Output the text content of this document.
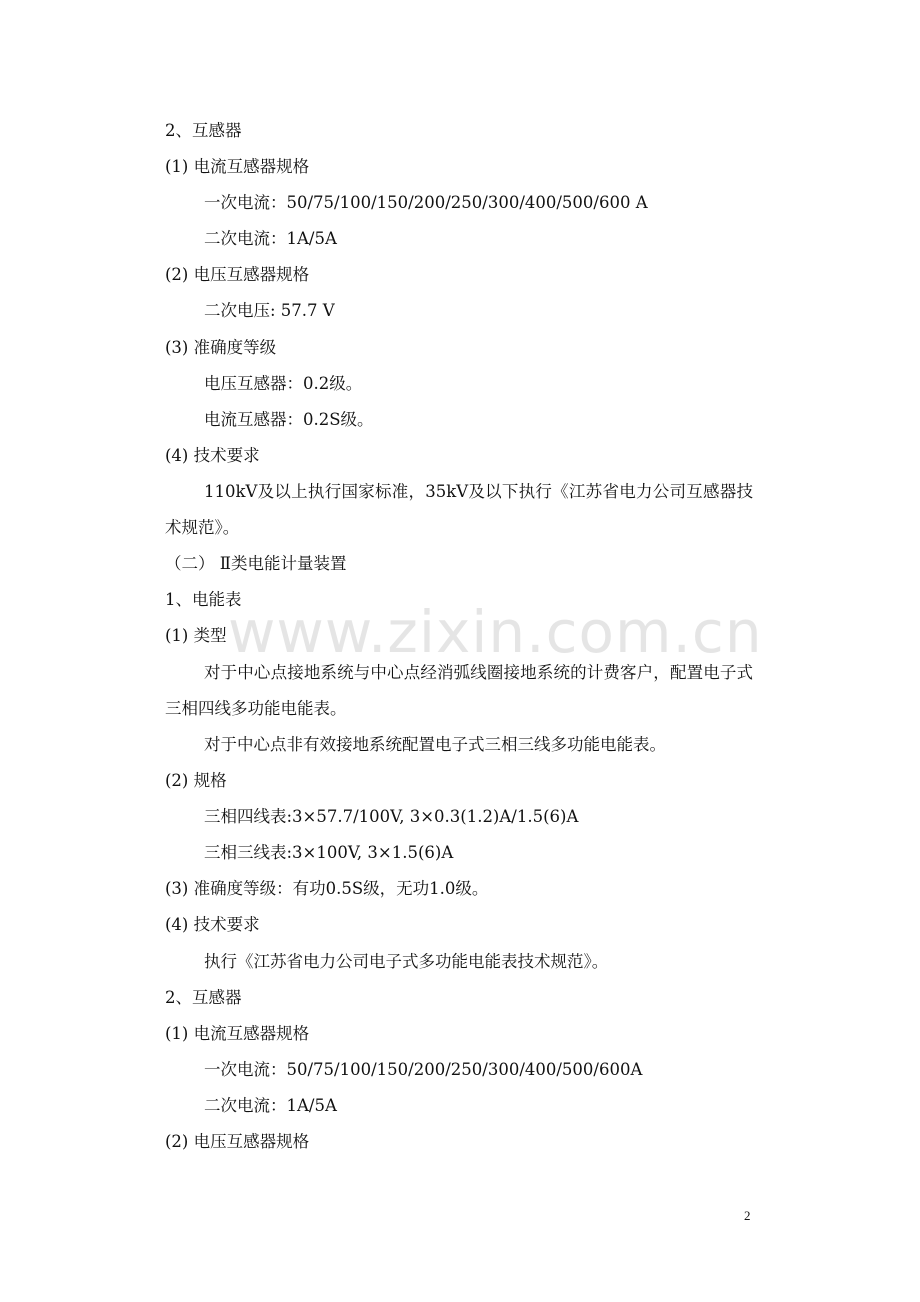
2、互感器
(1) 电流互感器规格
一次电流：50/75/100/150/200/250/300/400/500/600 A
二次电流：1A/5A
(2) 电压互感器规格
二次电压: 57.7 V
(3) 准确度等级
电压互感器：0.2级。
电流互感器：0.2S级。
(4) 技术要求
110kV及以上执行国家标准，35kV及以下执行《江苏省电力公司互感器技术规范》。
（二） Ⅱ类电能计量装置
1、电能表
(1) 类型
对于中心点接地系统与中心点经消弧线圈接地系统的计费客户，配置电子式三相四线多功能电能表。
对于中心点非有效接地系统配置电子式三相三线多功能电能表。
(2) 规格
三相四线表:3×57.7/100V, 3×0.3(1.2)A/1.5(6)A
三相三线表:3×100V, 3×1.5(6)A
(3) 准确度等级：有功0.5S级，无功1.0级。
(4) 技术要求
执行《江苏省电力公司电子式多功能电能表技术规范》。
2、互感器
(1) 电流互感器规格
一次电流：50/75/100/150/200/250/300/400/500/600A
二次电流：1A/5A
(2) 电压互感器规格
www.zixin.com.cn
2
